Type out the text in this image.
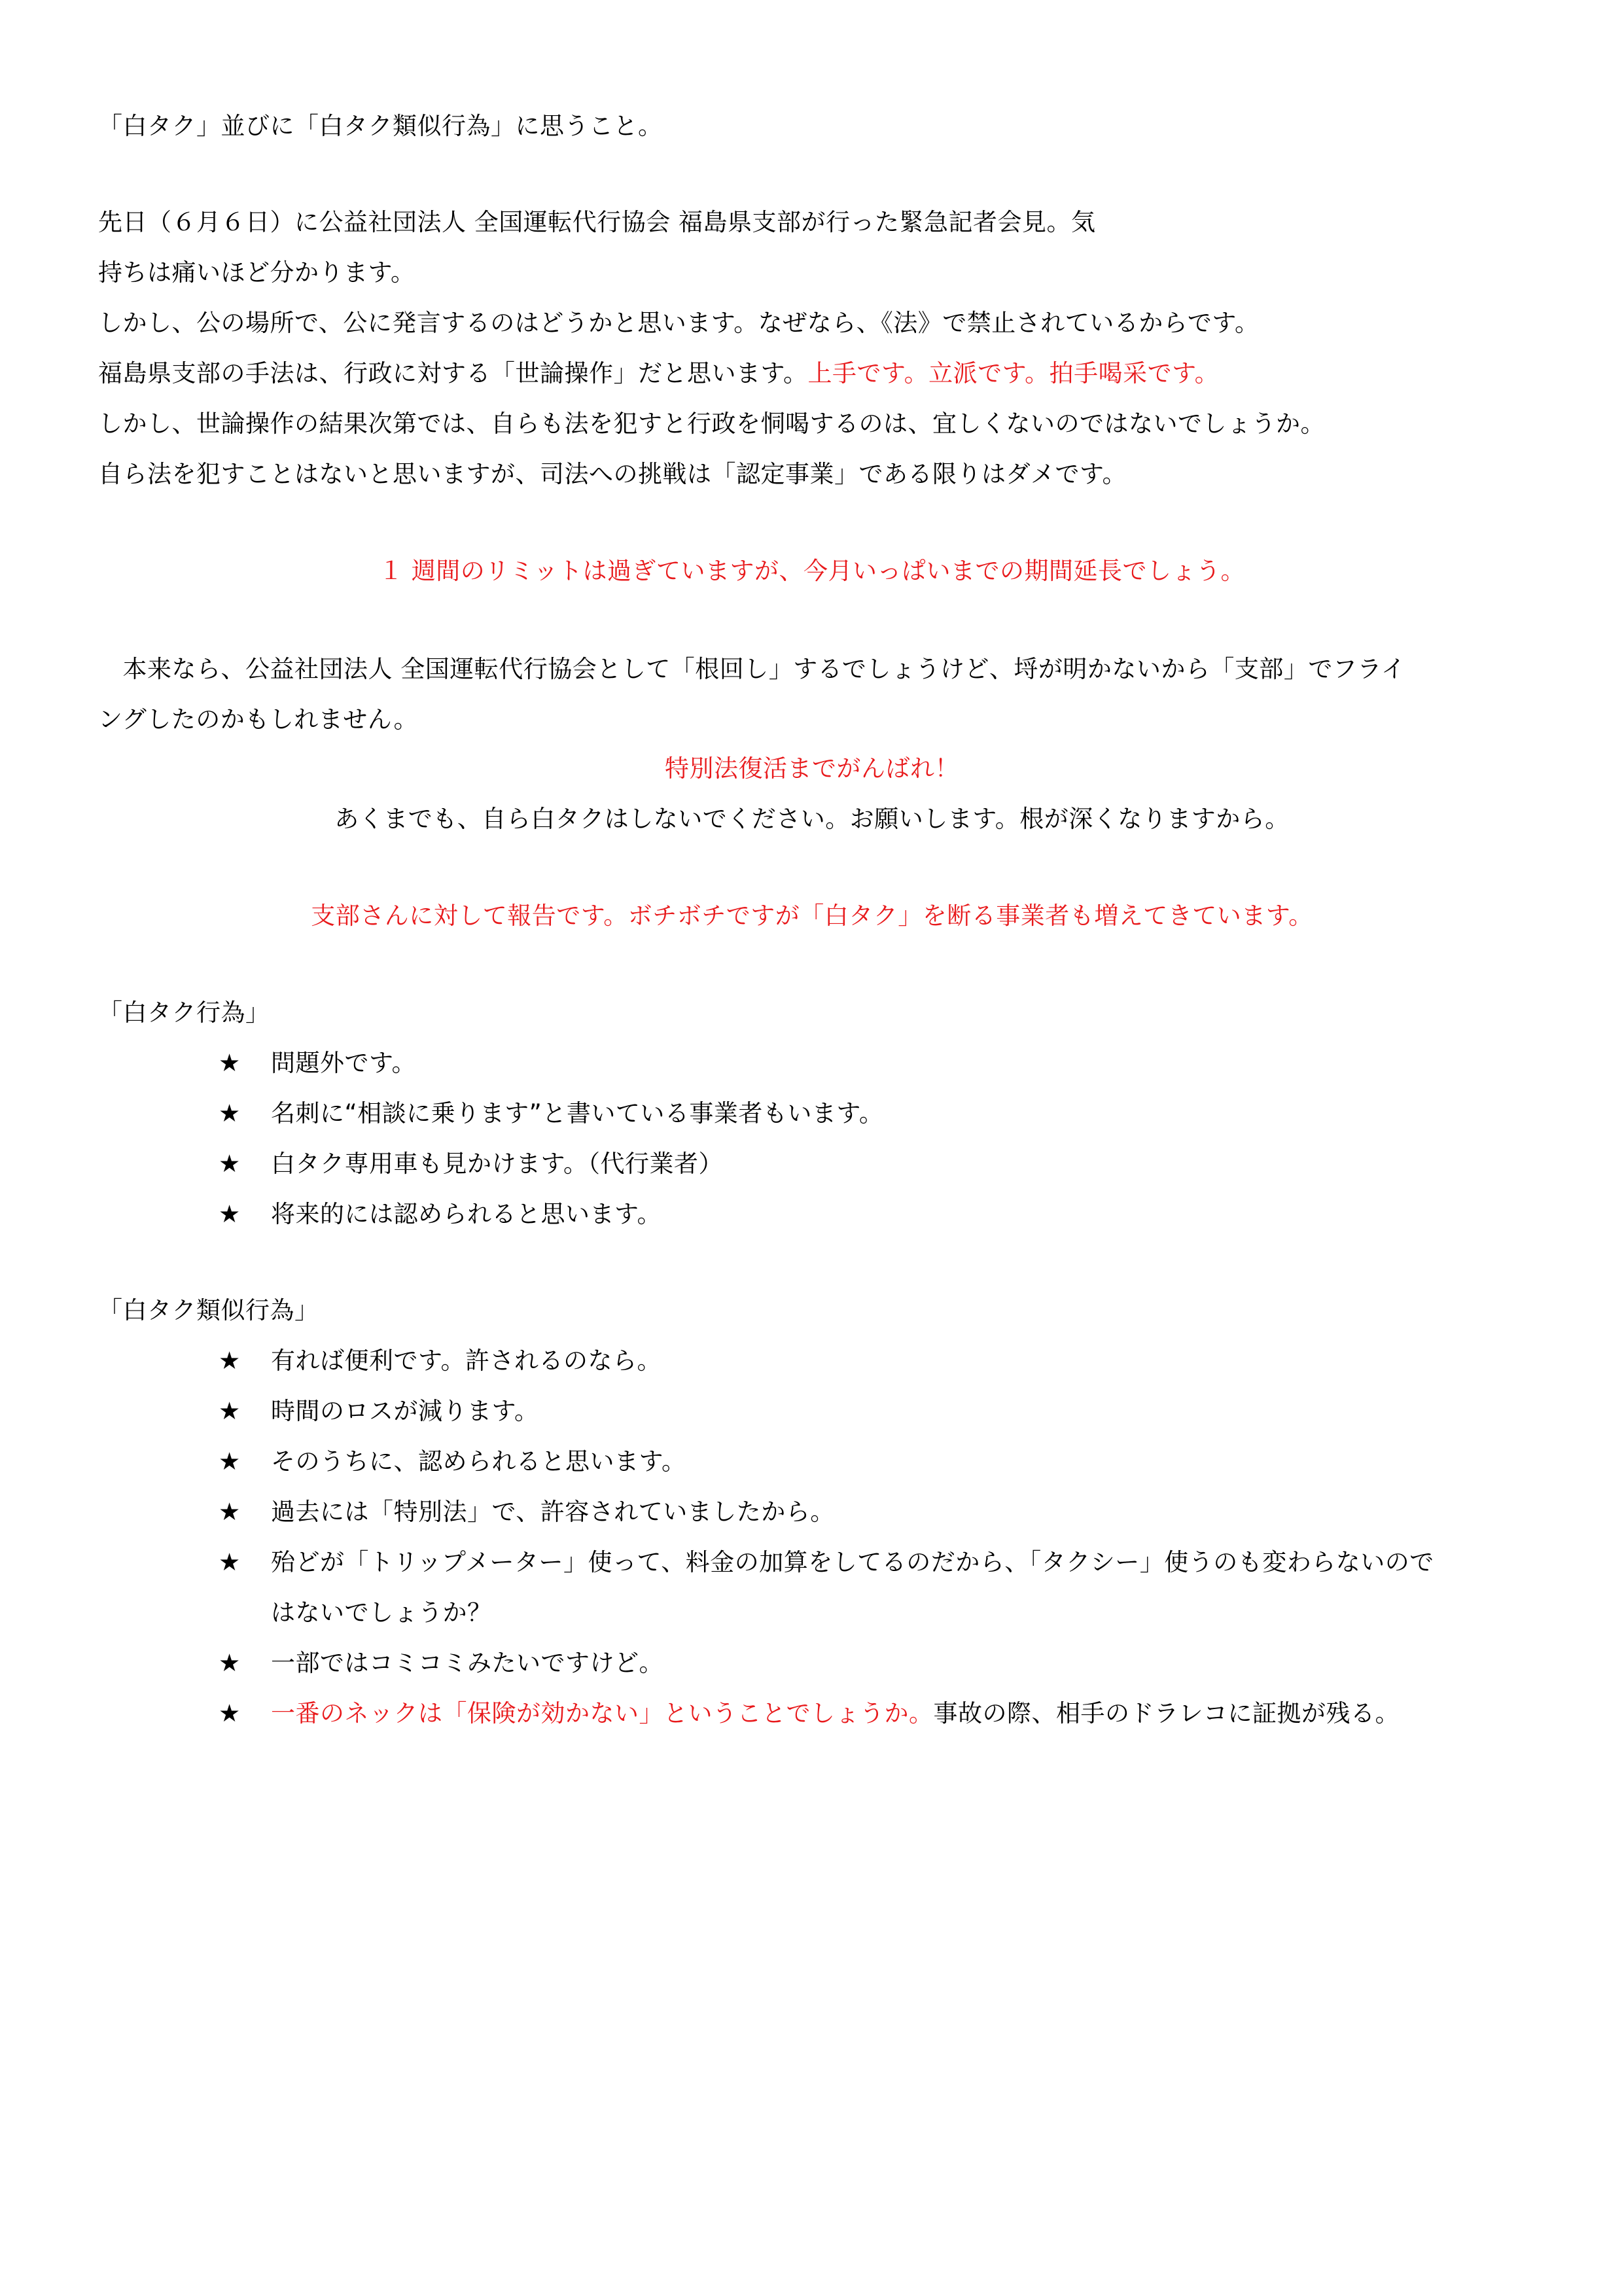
「白タク」並びに「白タク類似行為」に思うこと。
先日（６月６日）に公益社団法人 全国運転代行協会 福島県支部が行った緊急記者会見。気
持ちは痛いほど分かります。
しかし、公の場所で、公に発言するのはどうかと思います。なぜなら、《法》で禁止されているからです。
福島県支部の手法は、行政に対する「世論操作」だと思います。上手です。立派です。拍手喝采です。
しかし、世論操作の結果次第では、自らも法を犯すと行政を恫喝するのは、宜しくないのではないでしょうか。
自ら法を犯すことはないと思いますが、司法への挑戦は「認定事業」である限りはダメです。
１ 週間のリミットは過ぎていますが、今月いっぱいまでの期間延長でしょう。
　本来なら、公益社団法人 全国運転代行協会として「根回し」するでしょうけど、埒が明かないから「支部」でフライ
ングしたのかもしれません。
特別法復活までがんばれ！
あくまでも、自ら白タクはしないでください。お願いします。根が深くなりますから。
支部さんに対して報告です。ボチボチですが「白タク」を断る事業者も増えてきています。
「白タク行為」
★ 問題外です。
★ 名刺に“相談に乗ります”と書いている事業者もいます。
★ 白タク専用車も見かけます。（代行業者）
★ 将来的には認められると思います。
「白タク類似行為」
★ 有れば便利です。許されるのなら。
★ 時間のロスが減ります。
★ そのうちに、認められると思います。
★ 過去には「特別法」で、許容されていましたから。
★ 殆どが「トリップメーター」使って、料金の加算をしてるのだから、「タクシー」使うのも変わらないので
はないでしょうか？
★ 一部ではコミコミみたいですけど。
★ 一番のネックは「保険が効かない」ということでしょうか。事故の際、相手のドラレコに証拠が残る。
